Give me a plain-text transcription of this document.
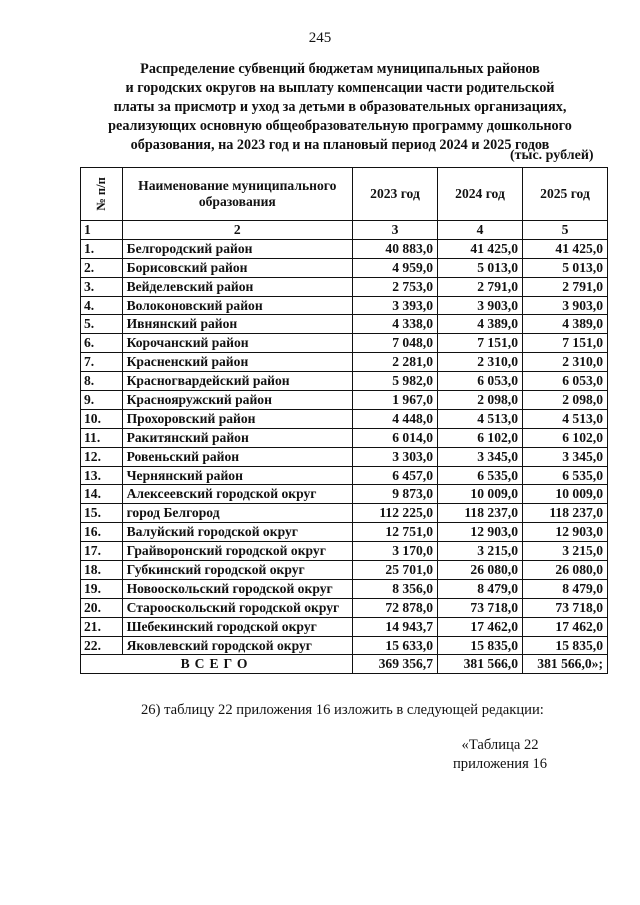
245
Распределение субвенций бюджетам муниципальных районов
и городских округов на выплату компенсации части родительской
платы за присмотр и уход за детьми в образовательных организациях,
реализующих основную общеобразовательную программу дошкольного
образования, на 2023 год и на плановый период 2024 и 2025 годов
(тыс. рублей)
№ п/п	Наименование муниципального образования	2023 год	2024 год	2025 год
1	2	3	4	5
1.	Белгородский район	40 883,0	41 425,0	41 425,0
2.	Борисовский район	4 959,0	5 013,0	5 013,0
3.	Вейделевский район	2 753,0	2 791,0	2 791,0
4.	Волоконовский район	3 393,0	3 903,0	3 903,0
5.	Ивнянский район	4 338,0	4 389,0	4 389,0
6.	Корочанский район	7 048,0	7 151,0	7 151,0
7.	Красненский район	2 281,0	2 310,0	2 310,0
8.	Красногвардейский район	5 982,0	6 053,0	6 053,0
9.	Краснояружский район	1 967,0	2 098,0	2 098,0
10.	Прохоровский район	4 448,0	4 513,0	4 513,0
11.	Ракитянский район	6 014,0	6 102,0	6 102,0
12.	Ровеньский район	3 303,0	3 345,0	3 345,0
13.	Чернянский район	6 457,0	6 535,0	6 535,0
14.	Алексеевский городской округ	9 873,0	10 009,0	10 009,0
15.	город Белгород	112 225,0	118 237,0	118 237,0
16.	Валуйский городской округ	12 751,0	12 903,0	12 903,0
17.	Грайворонский городской округ	3 170,0	3 215,0	3 215,0
18.	Губкинский городской округ	25 701,0	26 080,0	26 080,0
19.	Новооскольский городской округ	8 356,0	8 479,0	8 479,0
20.	Старооскольский городской округ	72 878,0	73 718,0	73 718,0
21.	Шебекинский городской округ	14 943,7	17 462,0	17 462,0
22.	Яковлевский городской округ	15 633,0	15 835,0	15 835,0
ВСЕГО		369 356,7	381 566,0	381 566,0»;
26) таблицу 22 приложения 16 изложить в следующей редакции:
«Таблица 22
приложения 16
